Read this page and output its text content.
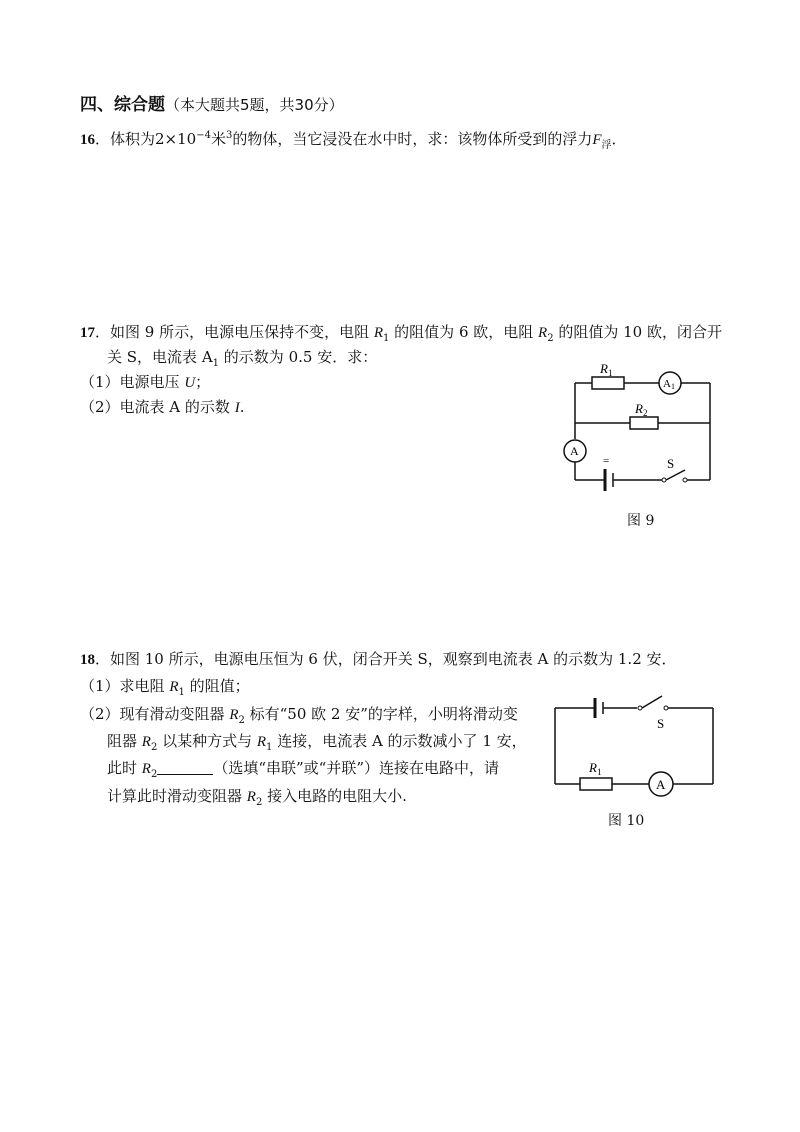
四、综合题（本大题共5题，共30分）
16．体积为$2\times 10^{-4}$米$^3$的物体，当它浸没在水中时，求：该物体所受到的浮力$F_浮$．
17．如图 9 所示，电源电压保持不变，电阻 $R_1$ 的阻值为 6 欧，电阻 $R_2$ 的阻值为 10 欧，闭合开
关 S，电流表 $A_1$ 的示数为 0.5 安．求：
（1）电源电压 U；
（2）电流表 A 的示数 I.
$R_1$
$R_2$
A1
A
=	S
图 9
18．如图 10 所示，电源电压恒为 6 伏，闭合开关 S，观察到电流表 A 的示数为 1.2 安．
（1）求电阻 $R_1$ 的阻值；
（2）现有滑动变阻器 $R_2$ 标有“50 欧 2 安”的字样，小明将滑动变
阻器 $R_2$ 以某种方式与 $R_1$ 连接，电流表 A 的示数减小了 1 安，
此时 $R_2$	（选填“串联”或“并联”）连接在电路中，请
计算此时滑动变阻器 $R_2$ 接入电路的电阻大小.
S
$R_1$
A
图 10
